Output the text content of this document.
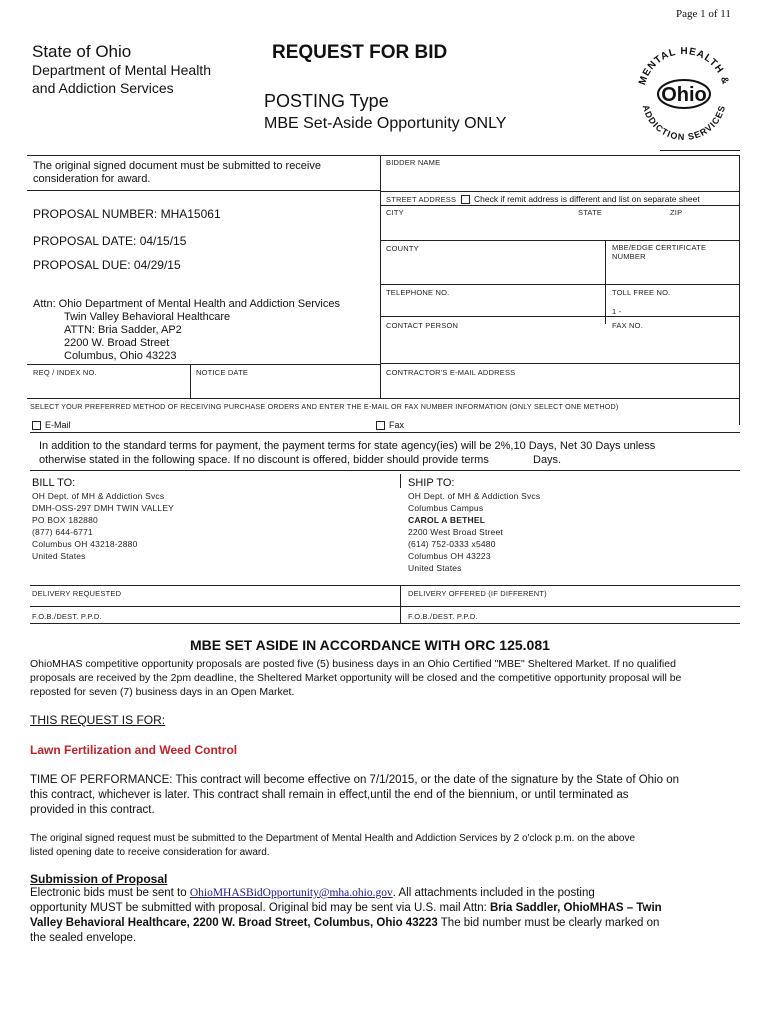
Page 1 of 11
State of Ohio
Department of Mental Health
and Addiction Services
REQUEST FOR BID
POSTING Type
MBE Set-Aside Opportunity ONLY
MENTAL HEALTH &
ADDICTION SERVICES
Ohio
The original signed document must be submitted to receive consideration for award.
PROPOSAL NUMBER: MHA15061
PROPOSAL DATE: 04/15/15
PROPOSAL DUE: 04/29/15
Attn: Ohio Department of Mental Health and Addiction Services
Twin Valley Behavioral Healthcare
ATTN: Bria Sadder, AP2
2200 W. Broad Street
Columbus, Ohio 43223
REQ / INDEX NO.	NOTICE DATE
BIDDER NAME
STREET ADDRESS	Check if remit address is different and list on separate sheet
CITY	STATE	ZIP
COUNTY	MBE/EDGE CERTIFICATE NUMBER
TELEPHONE NO.	TOLL FREE NO.
1 -
CONTACT PERSON	FAX NO.
CONTRACTOR'S E-MAIL ADDRESS
SELECT YOUR PREFERRED METHOD OF RECEIVING PURCHASE ORDERS AND ENTER THE E-MAIL OR FAX NUMBER INFORMATION (ONLY SELECT ONE METHOD)
E-Mail	Fax
In addition to the standard terms for payment, the payment terms for state agency(ies) will be 2%,10 Days, Net 30 Days unless
otherwise stated in the following space. If no discount is offered, bidder should provide terms	Days.
BILL TO:
OH Dept. of MH & Addiction Svcs
DMH-OSS-297 DMH TWIN VALLEY
PO BOX 182880
(877) 644-6771
Columbus OH 43218-2880
United States
SHIP TO:
OH Dept. of MH & Addiction Svcs
Columbus Campus
CAROL A BETHEL
2200 West Broad Street
(614) 752-0333 x5480
Columbus OH 43223
United States
DELIVERY REQUESTED	DELIVERY OFFERED (IF DIFFERENT)
F.O.B./DEST. P.P.D.	F.O.B./DEST. P.P.D.
MBE SET ASIDE IN ACCORDANCE WITH ORC 125.081
OhioMHAS competitive opportunity proposals are posted five (5) business days in an Ohio Certified "MBE" Sheltered Market. If no qualified
proposals are received by the 2pm deadline, the Sheltered Market opportunity will be closed and the competitive opportunity proposal will be
reposted for seven (7) business days in an Open Market.
THIS REQUEST IS FOR:
Lawn Fertilization and Weed Control
TIME OF PERFORMANCE: This contract will become effective on 7/1/2015, or the date of the signature by the State of Ohio on
this contract, whichever is later. This contract shall remain in effect,until the end of the biennium, or until terminated as
provided in this contract.
The original signed request must be submitted to the Department of Mental Health and Addiction Services by 2 o'clock p.m. on the above
listed opening date to receive consideration for award.
Submission of Proposal
Electronic bids must be sent to OhioMHASBidOpportunity@mha.ohio.gov. All attachments included in the posting
opportunity MUST be submitted with proposal. Original bid may be sent via U.S. mail Attn: Bria Saddler, OhioMHAS – Twin
Valley Behavioral Healthcare, 2200 W. Broad Street, Columbus, Ohio 43223 The bid number must be clearly marked on
the sealed envelope.
